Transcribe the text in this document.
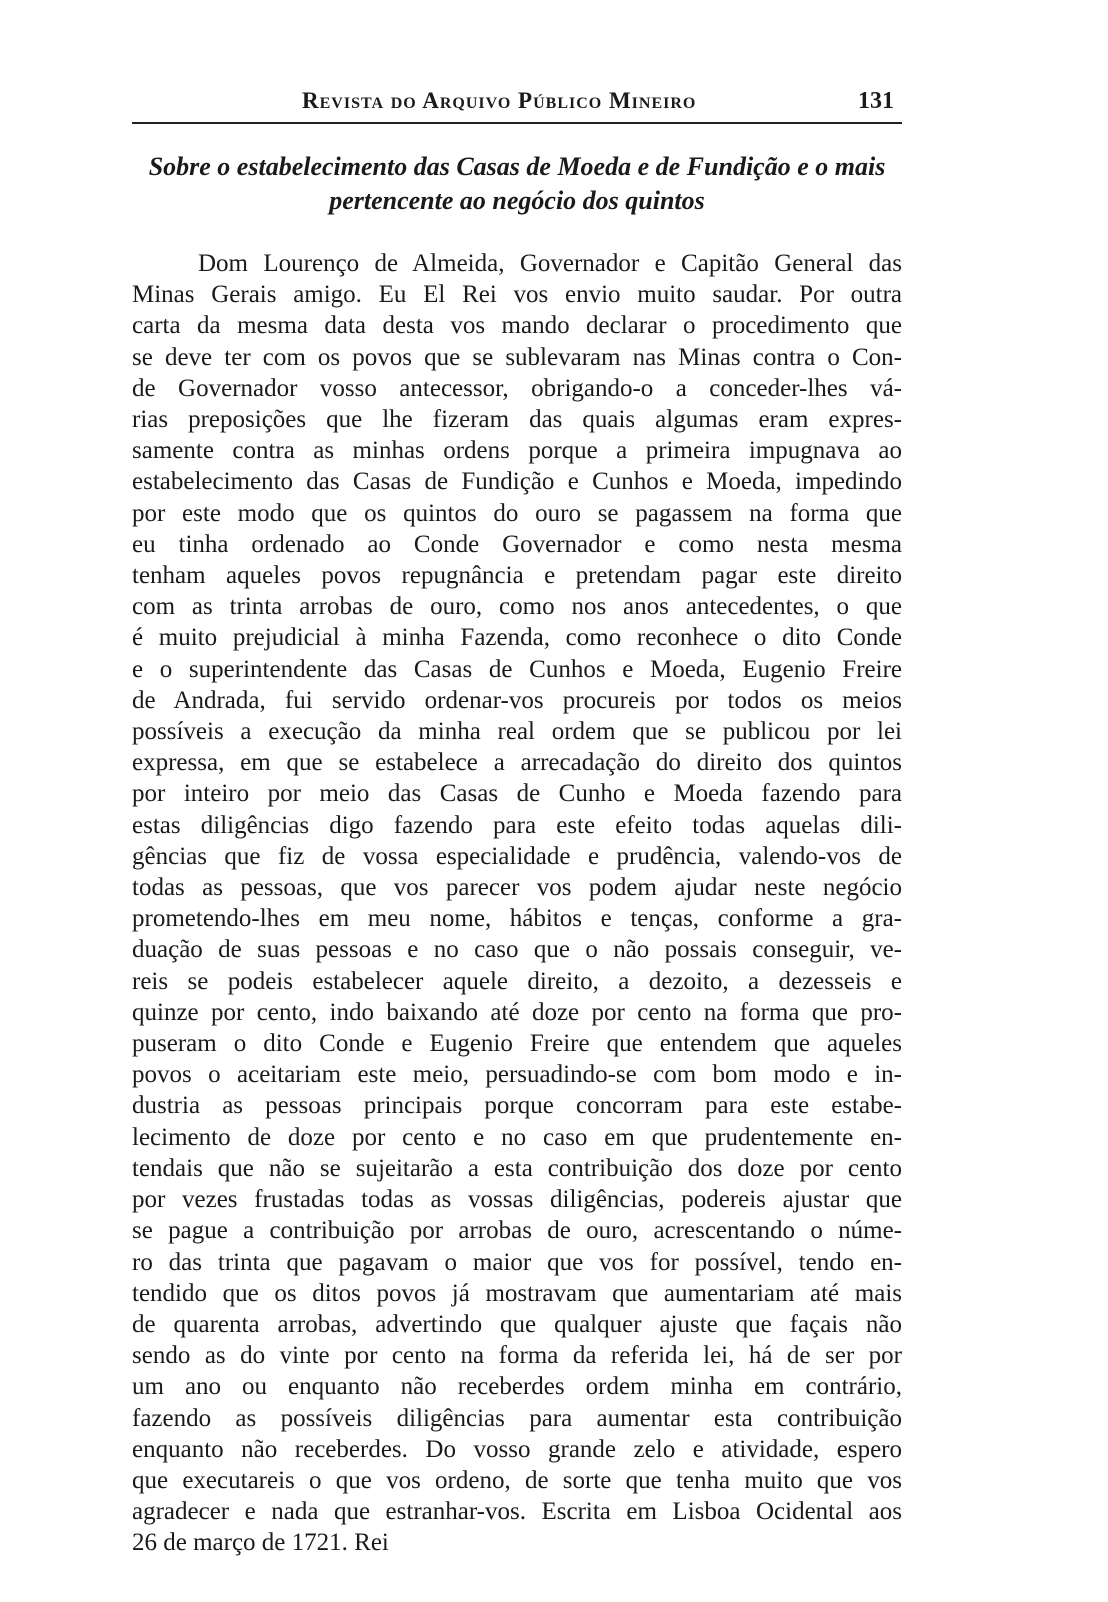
Revista do Arquivo Público Mineiro	131
Sobre o estabelecimento das Casas de Moeda e de Fundição e o mais
pertencente ao negócio dos quintos
Dom Lourenço de Almeida, Governador e Capitão General das
Minas Gerais amigo. Eu El Rei vos envio muito saudar. Por outra
carta da mesma data desta vos mando declarar o procedimento que
se deve ter com os povos que se sublevaram nas Minas contra o Con-
de Governador vosso antecessor, obrigando-o a conceder-lhes vá-
rias preposições que lhe fizeram das quais algumas eram expres-
samente contra as minhas ordens porque a primeira impugnava ao
estabelecimento das Casas de Fundição e Cunhos e Moeda, impedindo
por este modo que os quintos do ouro se pagassem na forma que
eu tinha ordenado ao Conde Governador e como nesta mesma
tenham aqueles povos repugnância e pretendam pagar este direito
com as trinta arrobas de ouro, como nos anos antecedentes, o que
é muito prejudicial à minha Fazenda, como reconhece o dito Conde
e o superintendente das Casas de Cunhos e Moeda, Eugenio Freire
de Andrada, fui servido ordenar-vos procureis por todos os meios
possíveis a execução da minha real ordem que se publicou por lei
expressa, em que se estabelece a arrecadação do direito dos quintos
por inteiro por meio das Casas de Cunho e Moeda fazendo para
estas diligências digo fazendo para este efeito todas aquelas dili-
gências que fiz de vossa especialidade e prudência, valendo-vos de
todas as pessoas, que vos parecer vos podem ajudar neste negócio
prometendo-lhes em meu nome, hábitos e tenças, conforme a gra-
duação de suas pessoas e no caso que o não possais conseguir, ve-
reis se podeis estabelecer aquele direito, a dezoito, a dezesseis e
quinze por cento, indo baixando até doze por cento na forma que pro-
puseram o dito Conde e Eugenio Freire que entendem que aqueles
povos o aceitariam este meio, persuadindo-se com bom modo e in-
dustria as pessoas principais porque concorram para este estabe-
lecimento de doze por cento e no caso em que prudentemente en-
tendais que não se sujeitarão a esta contribuição dos doze por cento
por vezes frustadas todas as vossas diligências, podereis ajustar que
se pague a contribuição por arrobas de ouro, acrescentando o núme-
ro das trinta que pagavam o maior que vos for possível, tendo en-
tendido que os ditos povos já mostravam que aumentariam até mais
de quarenta arrobas, advertindo que qualquer ajuste que façais não
sendo as do vinte por cento na forma da referida lei, há de ser por
um ano ou enquanto não receberdes ordem minha em contrário,
fazendo as possíveis diligências para aumentar esta contribuição
enquanto não receberdes. Do vosso grande zelo e atividade, espero
que executareis o que vos ordeno, de sorte que tenha muito que vos
agradecer e nada que estranhar-vos. Escrita em Lisboa Ocidental aos
26 de março de 1721. Rei
